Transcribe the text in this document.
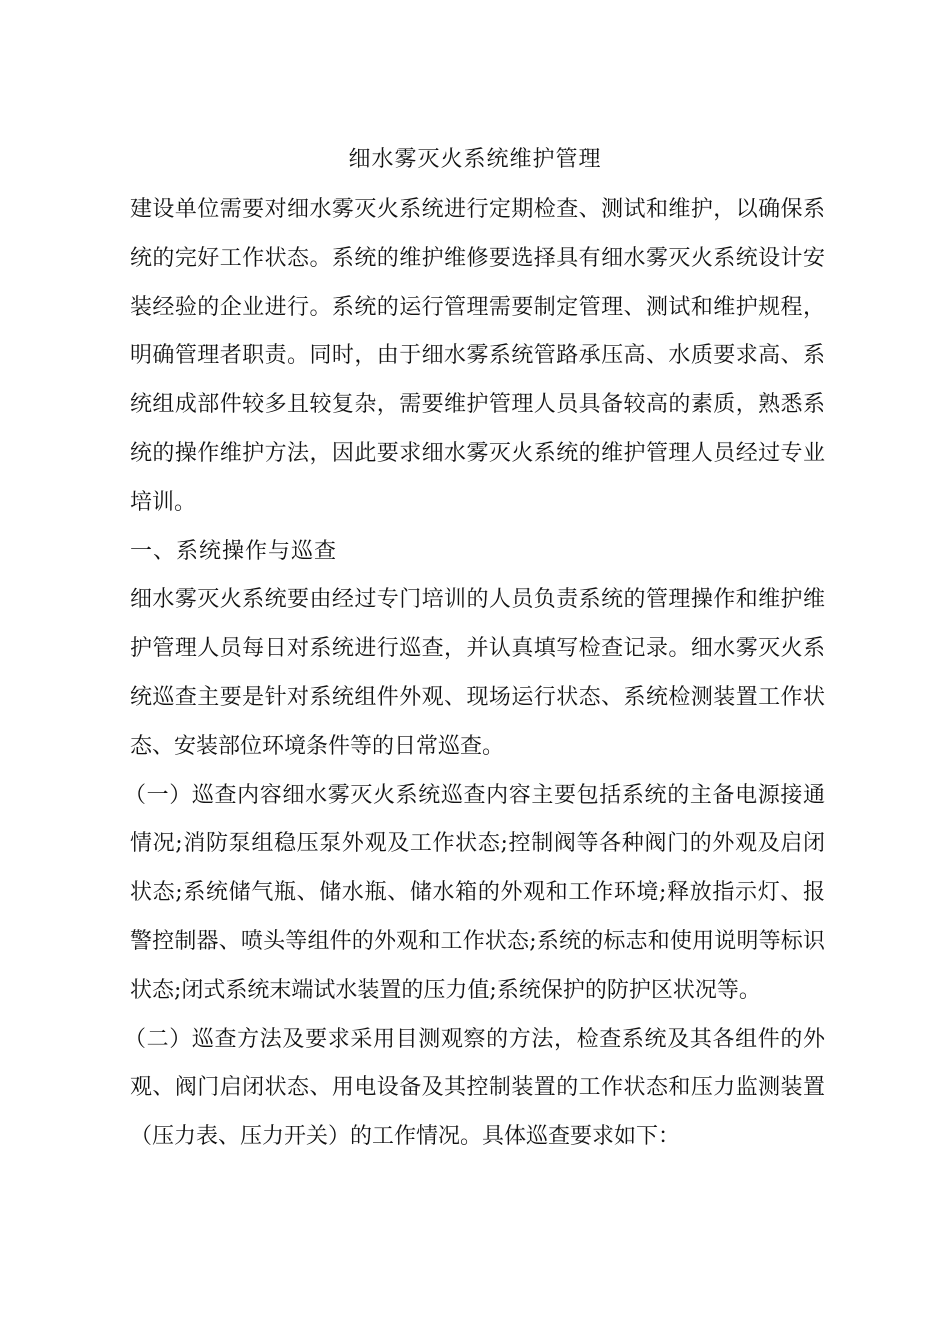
细水雾灭火系统维护管理

建设单位需要对细水雾灭火系统进行定期检查、测试和维护，以确保系统的完好工作状态。系统的维护维修要选择具有细水雾灭火系统设计安装经验的企业进行。系统的运行管理需要制定管理、测试和维护规程，明确管理者职责。同时，由于细水雾系统管路承压高、水质要求高、系统组成部件较多且较复杂，需要维护管理人员具备较高的素质，熟悉系统的操作维护方法，因此要求细水雾灭火系统的维护管理人员经过专业培训。

一、系统操作与巡查

细水雾灭火系统要由经过专门培训的人员负责系统的管理操作和维护维护管理人员每日对系统进行巡查，并认真填写检查记录。细水雾灭火系统巡查主要是针对系统组件外观、现场运行状态、系统检测装置工作状态、安装部位环境条件等的日常巡查。

（一）巡查内容细水雾灭火系统巡查内容主要包括系统的主备电源接通情况;消防泵组稳压泵外观及工作状态;控制阀等各种阀门的外观及启闭状态;系统储气瓶、储水瓶、储水箱的外观和工作环境;释放指示灯、报警控制器、喷头等组件的外观和工作状态;系统的标志和使用说明等标识状态;闭式系统末端试水装置的压力值;系统保护的防护区状况等。

（二）巡查方法及要求采用目测观察的方法，检查系统及其各组件的外观、阀门启闭状态、用电设备及其控制装置的工作状态和压力监测装置（压力表、压力开关）的工作情况。具体巡查要求如下：
